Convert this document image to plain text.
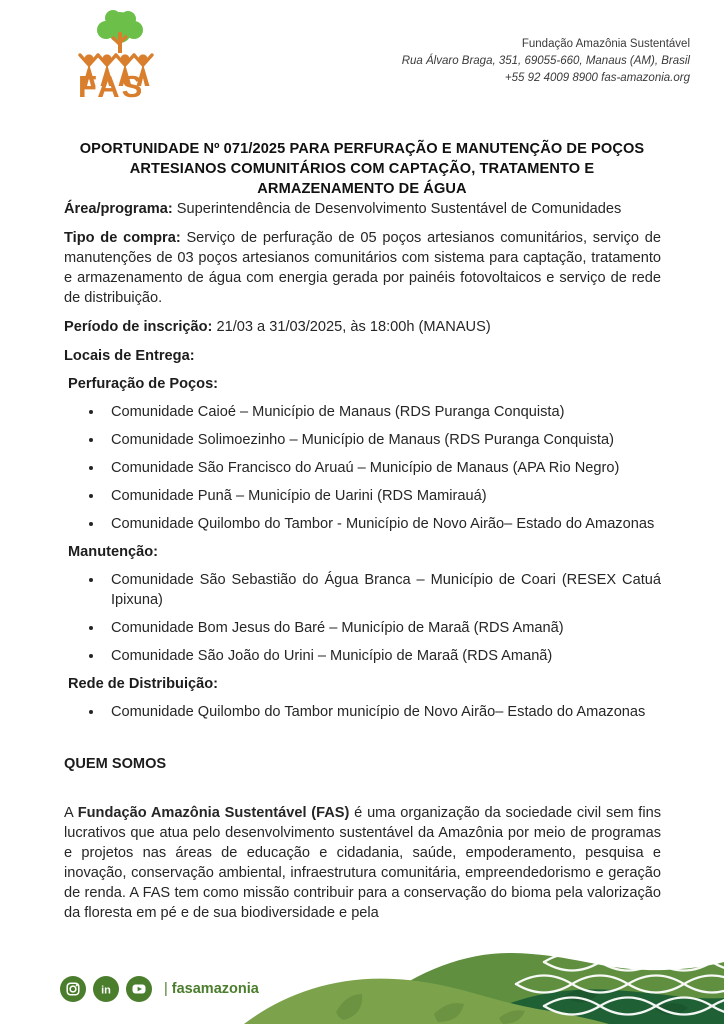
FAS
Fundação Amazônia Sustentável
Rua Álvaro Braga, 351, 69055-660, Manaus (AM), Brasil
+55 92 4009 8900 fas-amazonia.org
OPORTUNIDADE Nº 071/2025 PARA PERFURAÇÃO E MANUTENÇÃO DE POÇOS ARTESIANOS COMUNITÁRIOS COM CAPTAÇÃO, TRATAMENTO E ARMAZENAMENTO DE ÁGUA

Área/programa: Superintendência de Desenvolvimento Sustentável de Comunidades

Tipo de compra: Serviço de perfuração de 05 poços artesianos comunitários, serviço de manutenções de 03 poços artesianos comunitários com sistema para captação, tratamento e armazenamento de água com energia gerada por painéis fotovoltaicos e serviço de rede de distribuição.

Período de inscrição: 21/03 a 31/03/2025, às 18:00h (MANAUS)

Locais de Entrega:
Perfuração de Poços:
• Comunidade Caioé – Município de Manaus (RDS Puranga Conquista)
• Comunidade Solimoezinho – Município de Manaus (RDS Puranga Conquista)
• Comunidade São Francisco do Aruaú – Município de Manaus (APA Rio Negro)
• Comunidade Punã – Município de Uarini (RDS Mamirauá)
• Comunidade Quilombo do Tambor - Município de Novo Airão– Estado do Amazonas
Manutenção:
• Comunidade São Sebastião do Água Branca – Município de Coari (RESEX Catuá Ipixuna)
• Comunidade Bom Jesus do Baré – Município de Maraã (RDS Amanã)
• Comunidade São João do Urini – Município de Maraã (RDS Amanã)
Rede de Distribuição:
• Comunidade Quilombo do Tambor município de Novo Airão– Estado do Amazonas
QUEM SOMOS

A Fundação Amazônia Sustentável (FAS) é uma organização da sociedade civil sem fins lucrativos que atua pelo desenvolvimento sustentável da Amazônia por meio de programas e projetos nas áreas de educação e cidadania, saúde, empoderamento, pesquisa e inovação, conservação ambiental, infraestrutura comunitária, empreendedorismo e geração de renda. A FAS tem como missão contribuir para a conservação do bioma pela valorização da floresta em pé e de sua biodiversidade e pela

in	| fasamazonia
